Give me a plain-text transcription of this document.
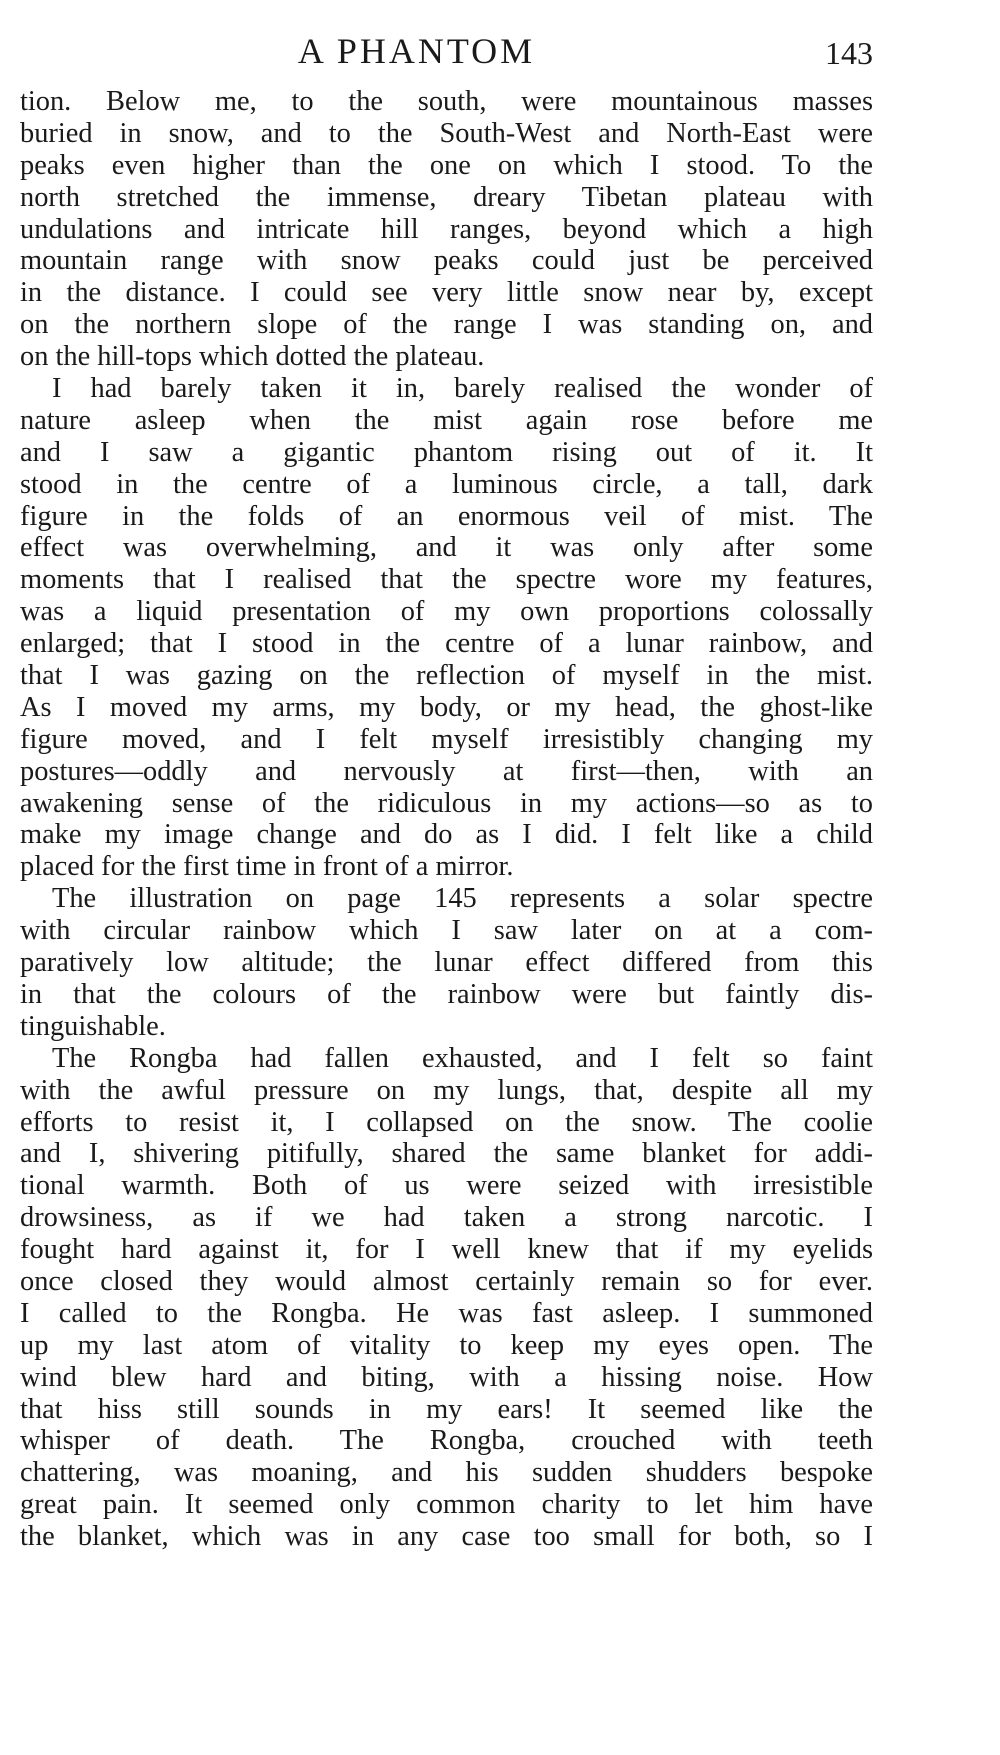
A PHANTOM	143
tion. Below me, to the south, were mountainous masses
buried in snow, and to the South-West and North-East were
peaks even higher than the one on which I stood. To the
north stretched the immense, dreary Tibetan plateau with
undulations and intricate hill ranges, beyond which a high
mountain range with snow peaks could just be perceived
in the distance. I could see very little snow near by, except
on the northern slope of the range I was standing on, and
on the hill-tops which dotted the plateau.
I had barely taken it in, barely realised the wonder of
nature asleep when the mist again rose before me
and I saw a gigantic phantom rising out of it. It
stood in the centre of a luminous circle, a tall, dark
figure in the folds of an enormous veil of mist. The
effect was overwhelming, and it was only after some
moments that I realised that the spectre wore my features,
was a liquid presentation of my own proportions colossally
enlarged; that I stood in the centre of a lunar rainbow, and
that I was gazing on the reflection of myself in the mist.
As I moved my arms, my body, or my head, the ghost-like
figure moved, and I felt myself irresistibly changing my
postures—oddly and nervously at first—then, with an
awakening sense of the ridiculous in my actions—so as to
make my image change and do as I did. I felt like a child
placed for the first time in front of a mirror.
The illustration on page 145 represents a solar spectre
with circular rainbow which I saw later on at a com-
paratively low altitude; the lunar effect differed from this
in that the colours of the rainbow were but faintly dis-
tinguishable.
The Rongba had fallen exhausted, and I felt so faint
with the awful pressure on my lungs, that, despite all my
efforts to resist it, I collapsed on the snow. The coolie
and I, shivering pitifully, shared the same blanket for addi-
tional warmth. Both of us were seized with irresistible
drowsiness, as if we had taken a strong narcotic. I
fought hard against it, for I well knew that if my eyelids
once closed they would almost certainly remain so for ever.
I called to the Rongba. He was fast asleep. I summoned
up my last atom of vitality to keep my eyes open. The
wind blew hard and biting, with a hissing noise. How
that hiss still sounds in my ears! It seemed like the
whisper of death. The Rongba, crouched with teeth
chattering, was moaning, and his sudden shudders bespoke
great pain. It seemed only common charity to let him have
the blanket, which was in any case too small for both, so I
